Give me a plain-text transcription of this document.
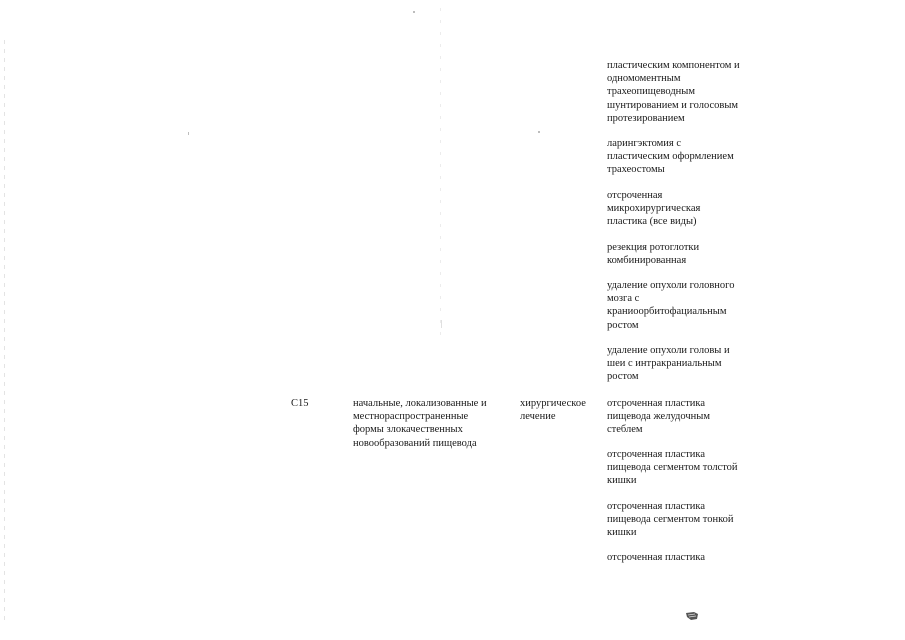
пластическим компонентом и
одномоментным
трахеопищеводным
шунтированием и голосовым
протезированием
ларингэктомия с
пластическим оформлением
трахеостомы
отсроченная
микрохирургическая
пластика (все виды)
резекция ротоглотки
комбинированная
удаление опухоли головного
мозга с
краниоорбитофациальным
ростом
удаление опухоли головы и
шеи с интракраниальным
ростом
C15	начальные, локализованные и
местнораспространенные
формы злокачественных
новообразований пищевода
хирургическое
лечение
отсроченная пластика
пищевода желудочным
стеблем
отсроченная пластика
пищевода сегментом толстой
кишки
отсроченная пластика
пищевода сегментом тонкой
кишки
отсроченная пластика
